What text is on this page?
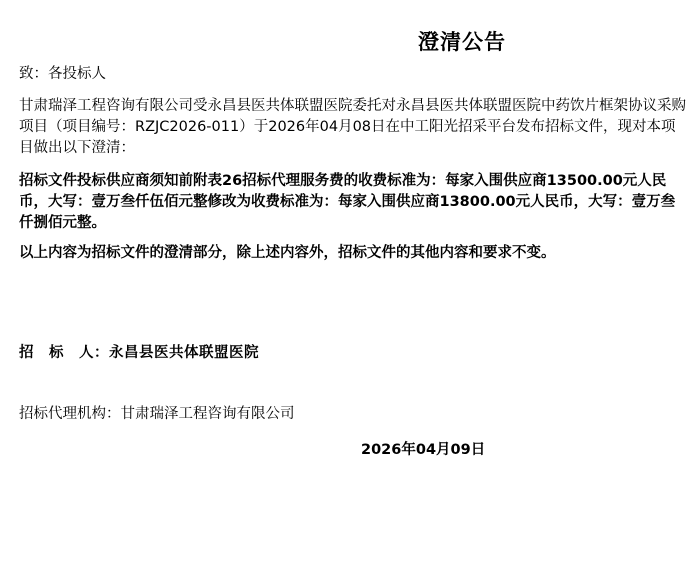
澄清公告
致：各投标人
甘肃瑞泽工程咨询有限公司受永昌县医共体联盟医院委托对永昌县医共体联盟医院中药饮片框架协议采购项目（项目编号：RZJC2026-011）于2026年04月08日在中工阳光招采平台发布招标文件，现对本项目做出以下澄清：
招标文件投标供应商须知前附表26招标代理服务费的收费标准为：每家入围供应商13500.00元人民币，大写：壹万叁仟伍佰元整修改为收费标准为：每家入围供应商13800.00元人民币，大写：壹万叁仟捌佰元整。
以上内容为招标文件的澄清部分，除上述内容外，招标文件的其他内容和要求不变。
招　标　人：永昌县医共体联盟医院
招标代理机构：甘肃瑞泽工程咨询有限公司
2026年04月09日
